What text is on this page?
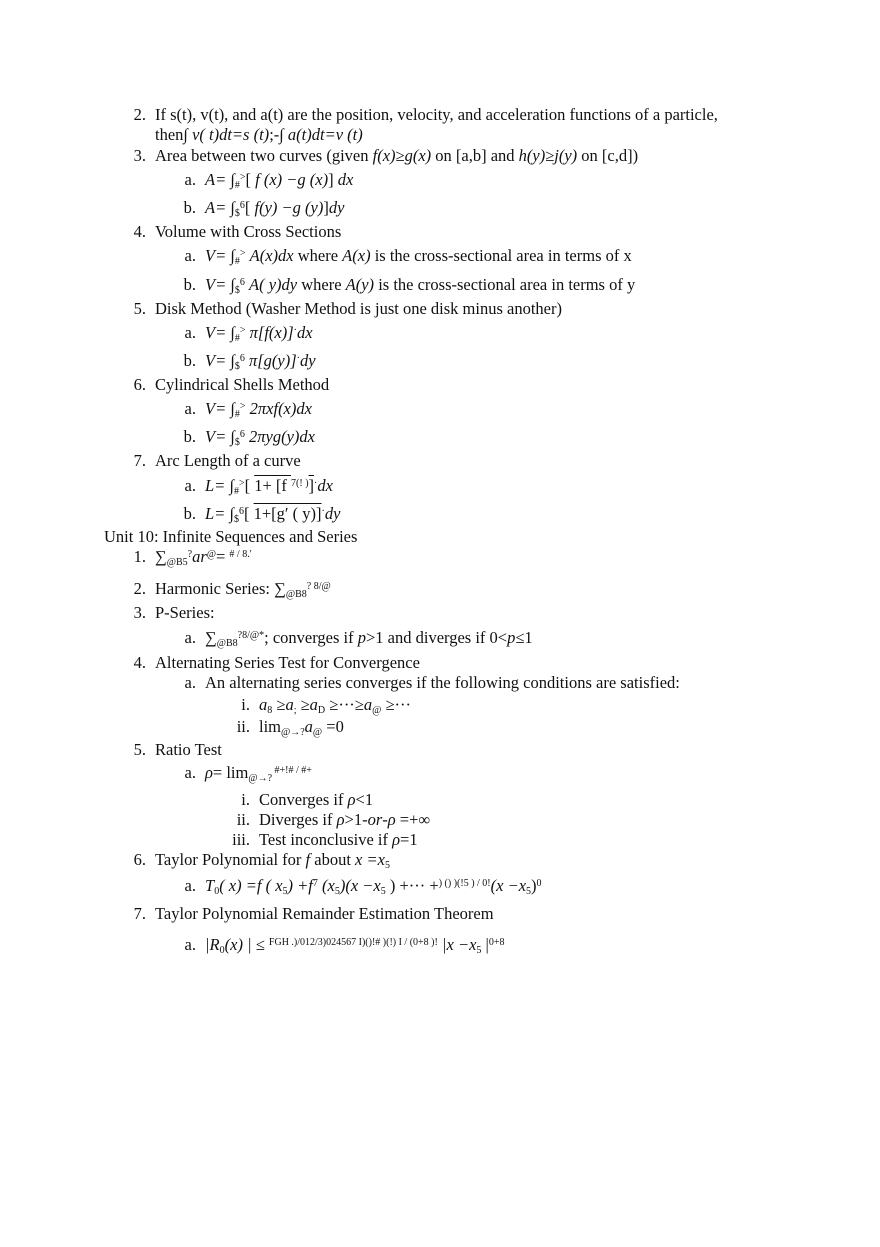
2. If s(t), v(t), and a(t) are the position, velocity, and acceleration functions of a particle,
then∫ v( t)dt=s (t);-∫ a(t)dt=v (t)
3. Area between two curves (given f(x)≥g(x) on [a,b] and h(y)≥j(y) on [c,d])
a. $A= \int_{\#}^>$[ f (x) −g (x)] dx
b. $A= \int_{\$}^6$[ f(y) −g (y)]dy
4. Volume with Cross Sections
a. $V= \int_{\#}^>$ A(x)dx where A(x) is the cross-sectional area in terms of x
b. $V= \int_{\$}^6$ A( y)dy where A(y) is the cross-sectional area in terms of y
5. Disk Method (Washer Method is just one disk minus another)
a. $V= \int_{\#}^>$ π[f(x)]·dx
b. $V= \int_{\$}^6$ π[g(y)]·dy
6. Cylindrical Shells Method
a. $V= \int_{\#}^>$ 2πxf(x)dx
b. $V= \int_{\$}^6$ 2πyg(y)dx
7. Arc Length of a curve
a. $L= \int_{\#}^>$[ 1+ [f $^{7(! )}$]·dx
b. $L= \int_{\$}^6$[ 1+[g′ ( y)]·dy
Unit 10: Infinite Sequences and Series
1. $\sum_{@B5}^?ar^@= ^{\# / 8.'}$
2. Harmonic Series: $\sum_{@B8}^?$ $^{8/@}$
3. P-Series:
a. $\sum_{@B8}^{?8/@*}$; converges if p>1 and diverges if 0<p≤1
4. Alternating Series Test for Convergence
a. An alternating series converges if the following conditions are satisfied:
i. $a_8 \ge a_; \ge a_D \ge\cdot\cdot\cdot\ge a_@$ ≥···
ii. $\lim_{@\to?}a_@ =0$
5. Ratio Test
a. $\rho= \lim_{@\to?} ^{\#+!\# / \#+}$
i. Converges if ρ<1
ii. Diverges if ρ>1-or-ρ =+∞
iii. Test inconclusive if ρ=1
6. Taylor Polynomial for f about $x =x_5$
a. $T_0$( x) =f ( $x_5) +f^7$ $(x_5)(x -x_5$ ) +··· $+^{) () )(!5 ) / 0!}(x -x_5)^0$
7. Taylor Polynomial Remainder Estimation Theorem
a. $|R_0(x)$ | ≤ $^{FGH .)/012/3)024567 I)()!\# )(!) I / (0+8 )!}$ $|x -x_5$ $|^{0+8}$
